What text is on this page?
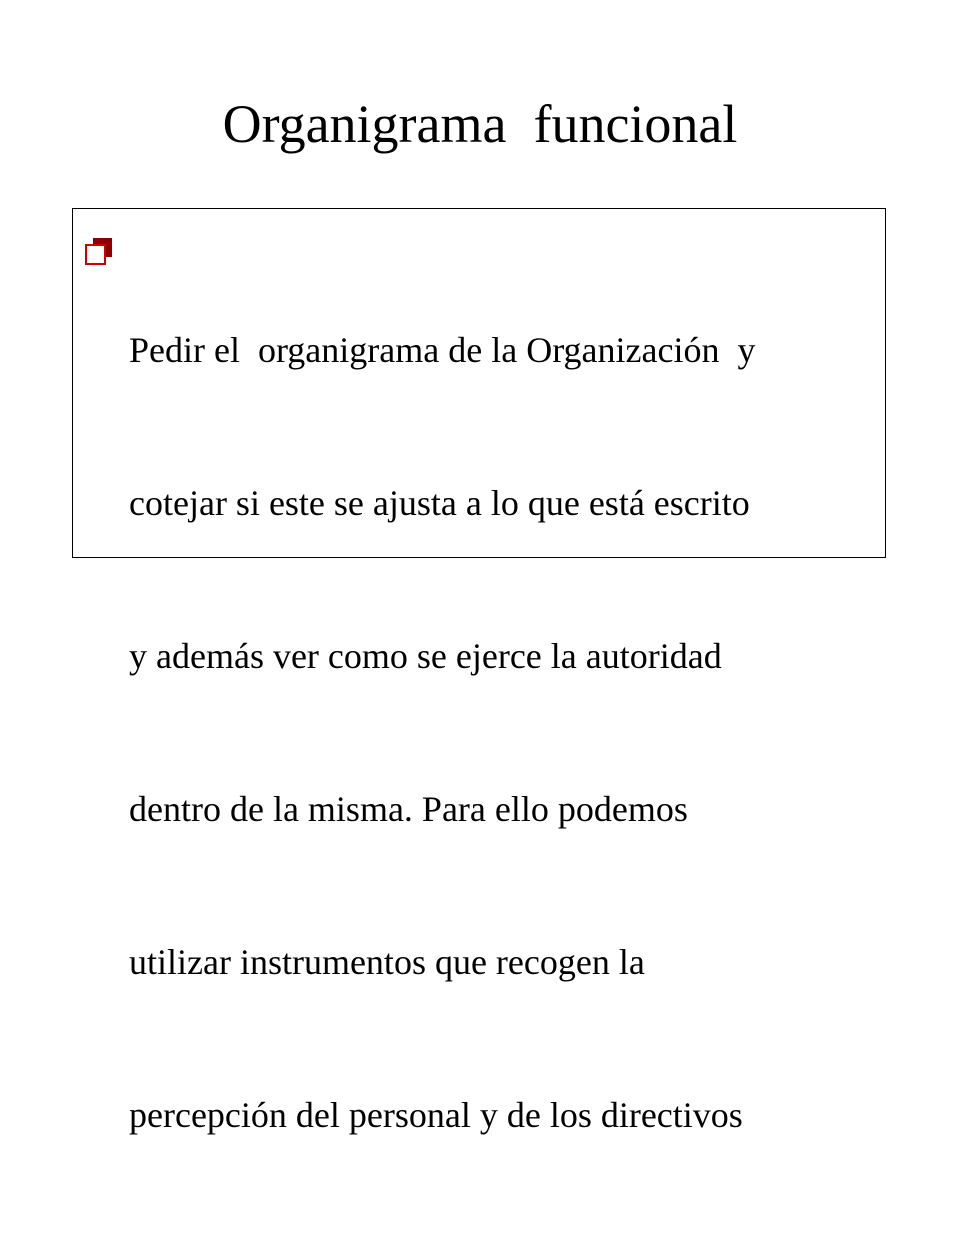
Organigrama  funcional

Pedir el  organigrama de la Organización  y

cotejar si este se ajusta a lo que está escrito

y además ver como se ejerce la autoridad

dentro de la misma. Para ello podemos

utilizar instrumentos que recogen la

percepción del personal y de los directivos
